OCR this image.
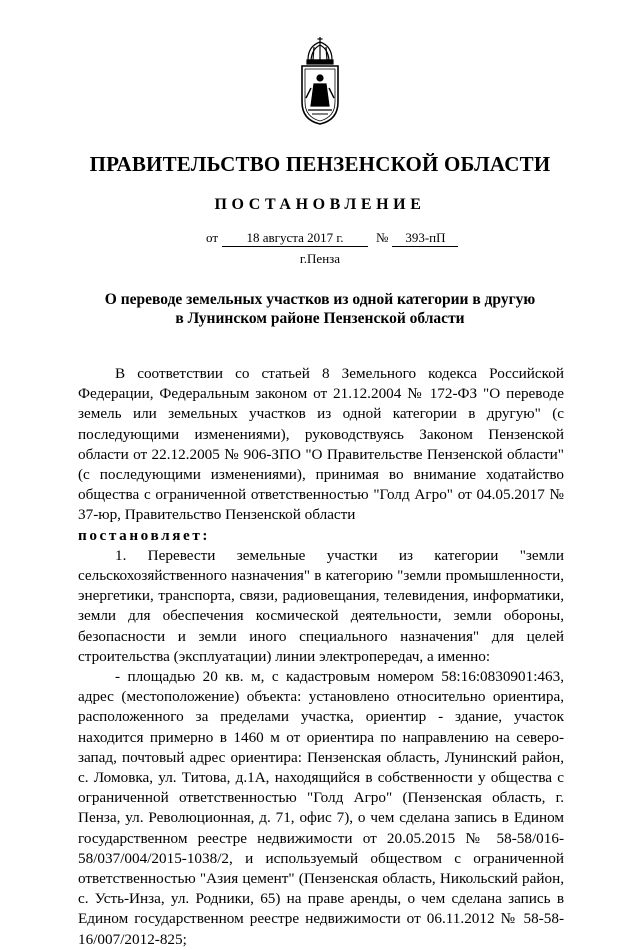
ПРАВИТЕЛЬСТВО ПЕНЗЕНСКОЙ ОБЛАСТИ
ПОСТАНОВЛЕНИЕ
от 18 августа 2017 г.	№ 393-пП
г.Пенза
О переводе земельных участков из одной категории в другую
в Лунинском районе Пензенской области

В соответствии со статьей 8 Земельного кодекса Российской Федерации, Федеральным законом от 21.12.2004 № 172-ФЗ "О переводе земель или земельных участков из одной категории в другую" (с последующими изменениями), руководствуясь Законом Пензенской области от 22.12.2005 № 906-ЗПО "О Правительстве Пензенской области" (с последующими изменениями), принимая во внимание ходатайство общества с ограниченной ответственностью "Голд Агро" от 04.05.2017 № 37-юр, Правительство Пензенской области

постановляет:

1. Перевести земельные участки из категории "земли сельскохозяйственного назначения" в категорию "земли промышленности, энергетики, транспорта, связи, радиовещания, телевидения, информатики, земли для обеспечения космической деятельности, земли обороны, безопасности и земли иного специального назначения" для целей строительства (эксплуатации) линии электропередач, а именно:

- площадью 20 кв. м, с кадастровым номером 58:16:0830901:463, адрес (местоположение) объекта: установлено относительно ориентира, расположенного за пределами участка, ориентир - здание, участок находится примерно в 1460 м от ориентира по направлению на северо-запад, почтовый адрес ориентира: Пензенская область, Лунинский район, с. Ломовка, ул. Титова, д.1А, находящийся в собственности у общества с ограниченной ответственностью "Голд Агро" (Пензенская область, г. Пенза, ул. Революционная, д. 71, офис 7), о чем сделана запись в Едином государственном реестре недвижимости от 20.05.2015 № 58-58/016-58/037/004/2015-1038/2, и используемый обществом с ограниченной ответственностью "Азия цемент" (Пензенская область, Никольский район, с. Усть-Инза, ул. Родники, 65) на праве аренды, о чем сделана запись в Едином государственном реестре недвижимости от 06.11.2012 № 58-58-16/007/2012-825;
